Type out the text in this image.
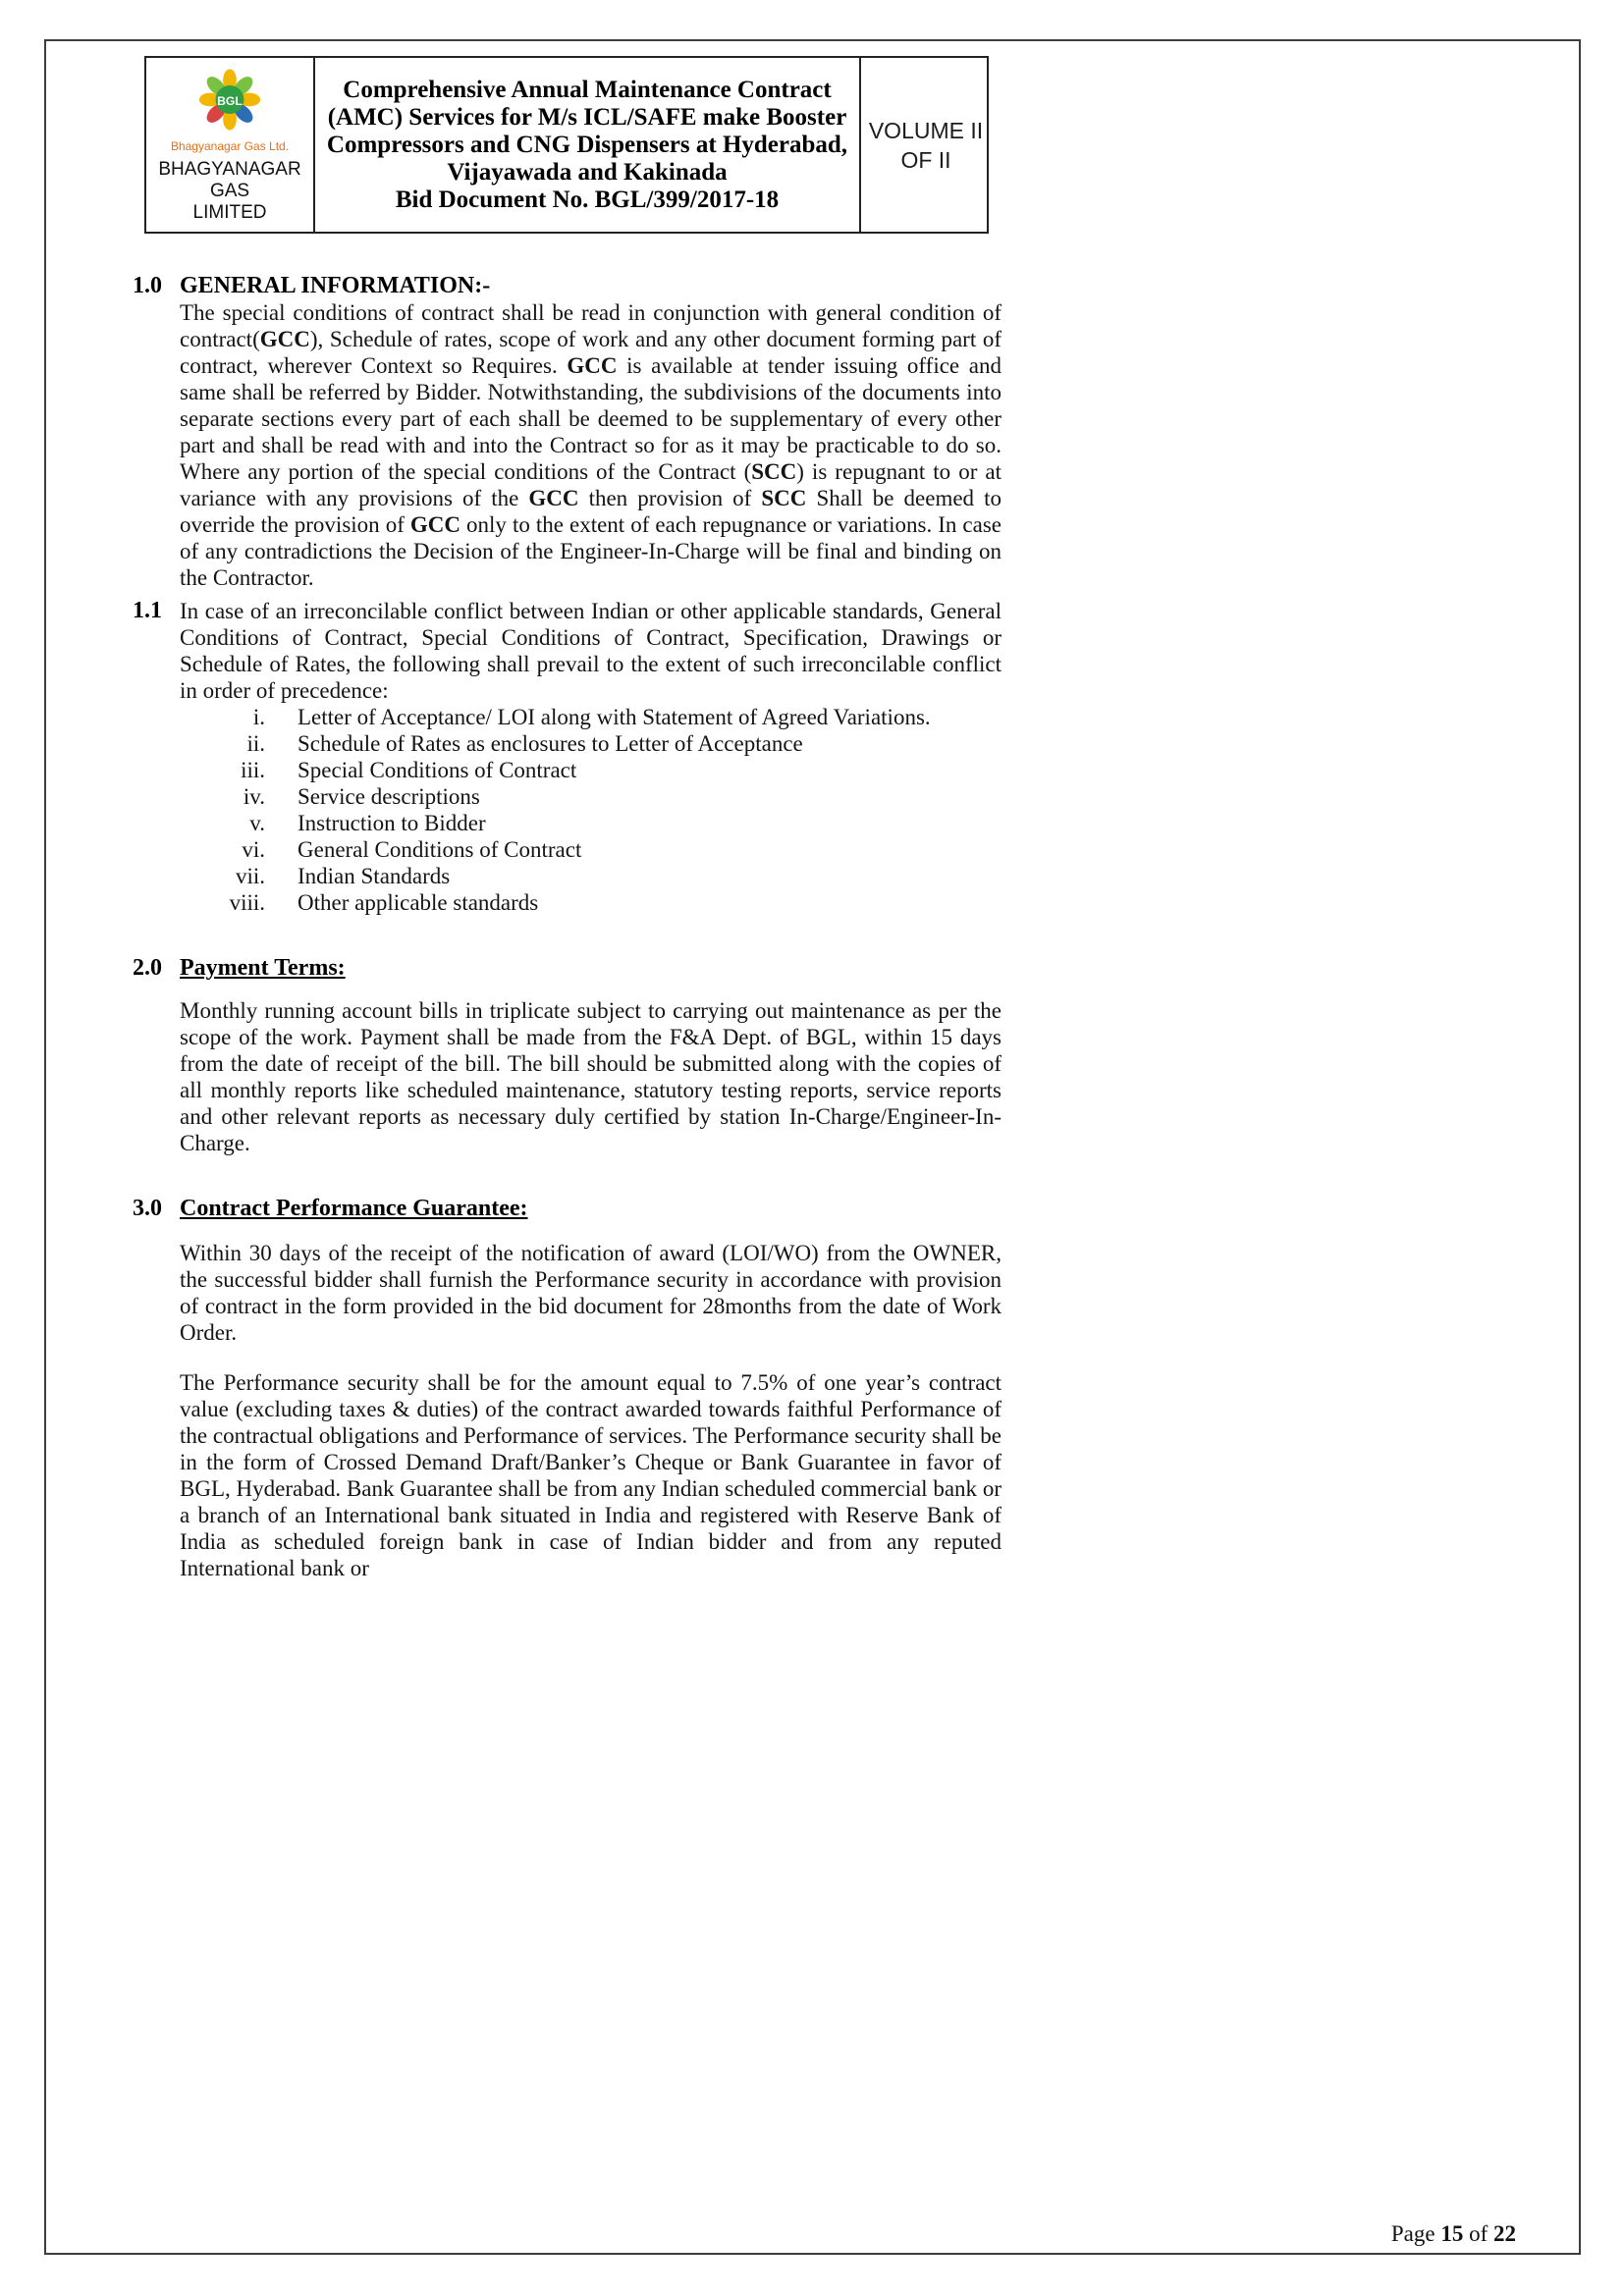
BGL
Bhagyanagar Gas Ltd.
BHAGYANAGAR GAS
LIMITED
Comprehensive Annual Maintenance Contract
(AMC) Services for M/s ICL/SAFE make Booster
Compressors and CNG Dispensers at Hyderabad,
Vijayawada and Kakinada
Bid Document No. BGL/399/2017-18
VOLUME II
OF II
1.0 GENERAL INFORMATION:-

The special conditions of contract shall be read in conjunction with general condition of contract(GCC), Schedule of rates, scope of work and any other document forming part of contract, wherever Context so Requires. GCC is available at tender issuing office and same shall be referred by Bidder. Notwithstanding, the subdivisions of the documents into separate sections every part of each shall be deemed to be supplementary of every other part and shall be read with and into the Contract so for as it may be practicable to do so. Where any portion of the special conditions of the Contract (SCC) is repugnant to or at variance with any provisions of the GCC then provision of SCC Shall be deemed to override the provision of GCC only to the extent of each repugnance or variations. In case of any contradictions the Decision of the Engineer-In-Charge will be final and binding on the Contractor.

1.1 In case of an irreconcilable conflict between Indian or other applicable standards, General Conditions of Contract, Special Conditions of Contract, Specification, Drawings or Schedule of Rates, the following shall prevail to the extent of such irreconcilable conflict in order of precedence:

i. Letter of Acceptance/ LOI along with Statement of Agreed Variations.
ii. Schedule of Rates as enclosures to Letter of Acceptance
iii. Special Conditions of Contract
iv. Service descriptions
v. Instruction to Bidder
vi. General Conditions of Contract
vii. Indian Standards
viii. Other applicable standards
2.0 Payment Terms:

Monthly running account bills in triplicate subject to carrying out maintenance as per the scope of the work. Payment shall be made from the F&A Dept. of BGL, within 15 days from the date of receipt of the bill. The bill should be submitted along with the copies of all monthly reports like scheduled maintenance, statutory testing reports, service reports and other relevant reports as necessary duly certified by station In-Charge/Engineer-In-Charge.

3.0 Contract Performance Guarantee:

Within 30 days of the receipt of the notification of award (LOI/WO) from the OWNER, the successful bidder shall furnish the Performance security in accordance with provision of contract in the form provided in the bid document for 28months from the date of Work Order.

The Performance security shall be for the amount equal to 7.5% of one year’s contract value (excluding taxes & duties) of the contract awarded towards faithful Performance of the contractual obligations and Performance of services. The Performance security shall be in the form of Crossed Demand Draft/Banker’s Cheque or Bank Guarantee in favor of BGL, Hyderabad. Bank Guarantee shall be from any Indian scheduled commercial bank or a branch of an International bank situated in India and registered with Reserve Bank of India as scheduled foreign bank in case of Indian bidder and from any reputed International bank or

Page 15 of 22
